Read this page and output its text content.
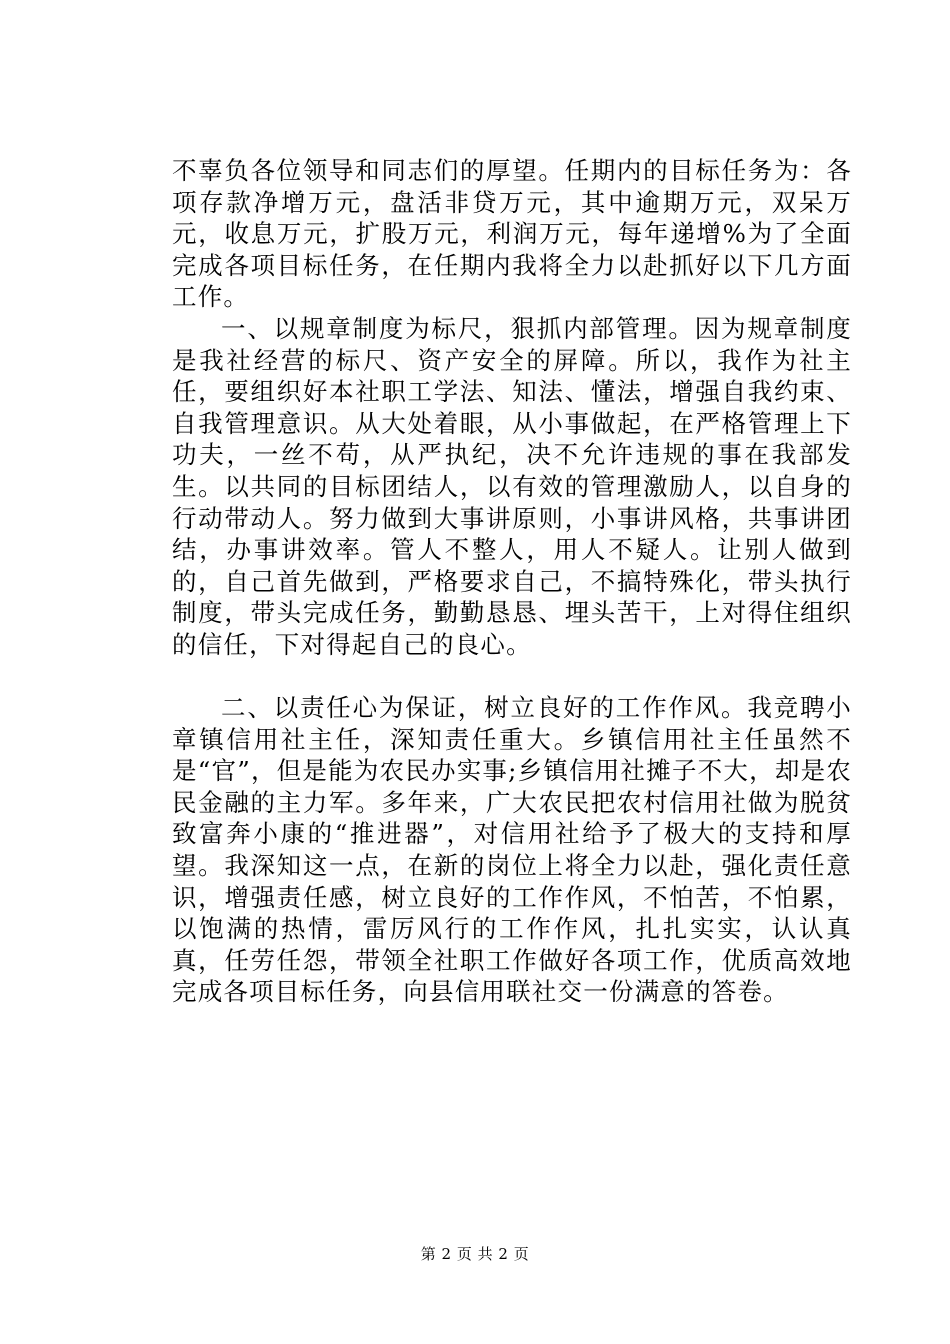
不辜负各位领导和同志们的厚望。任期内的目标任务为：各项存款净增万元，盘活非贷万元，其中逾期万元，双呆万元，收息万元，扩股万元，利润万元，每年递增%为了全面完成各项目标任务，在任期内我将全力以赴抓好以下几方面工作。

一、以规章制度为标尺，狠抓内部管理。因为规章制度是我社经营的标尺、资产安全的屏障。所以，我作为社主任，要组织好本社职工学法、知法、懂法，增强自我约束、自我管理意识。从大处着眼，从小事做起，在严格管理上下功夫，一丝不苟，从严执纪，决不允许违规的事在我部发生。以共同的目标团结人，以有效的管理激励人，以自身的行动带动人。努力做到大事讲原则，小事讲风格，共事讲团结，办事讲效率。管人不整人，用人不疑人。让别人做到的，自己首先做到，严格要求自己，不搞特殊化，带头执行制度，带头完成任务，勤勤恳恳、埋头苦干，上对得住组织的信任，下对得起自己的良心。

二、以责任心为保证，树立良好的工作作风。我竞聘小章镇信用社主任，深知责任重大。乡镇信用社主任虽然不是“官”，但是能为农民办实事;乡镇信用社摊子不大，却是农民金融的主力军。多年来，广大农民把农村信用社做为脱贫致富奔小康的“推进器”，对信用社给予了极大的支持和厚望。我深知这一点，在新的岗位上将全力以赴，强化责任意识，增强责任感，树立良好的工作作风，不怕苦，不怕累，以饱满的热情，雷厉风行的工作作风，扎扎实实，认认真真，任劳任怨，带领全社职工作做好各项工作，优质高效地完成各项目标任务，向县信用联社交一份满意的答卷。

第 2 页 共 2 页
